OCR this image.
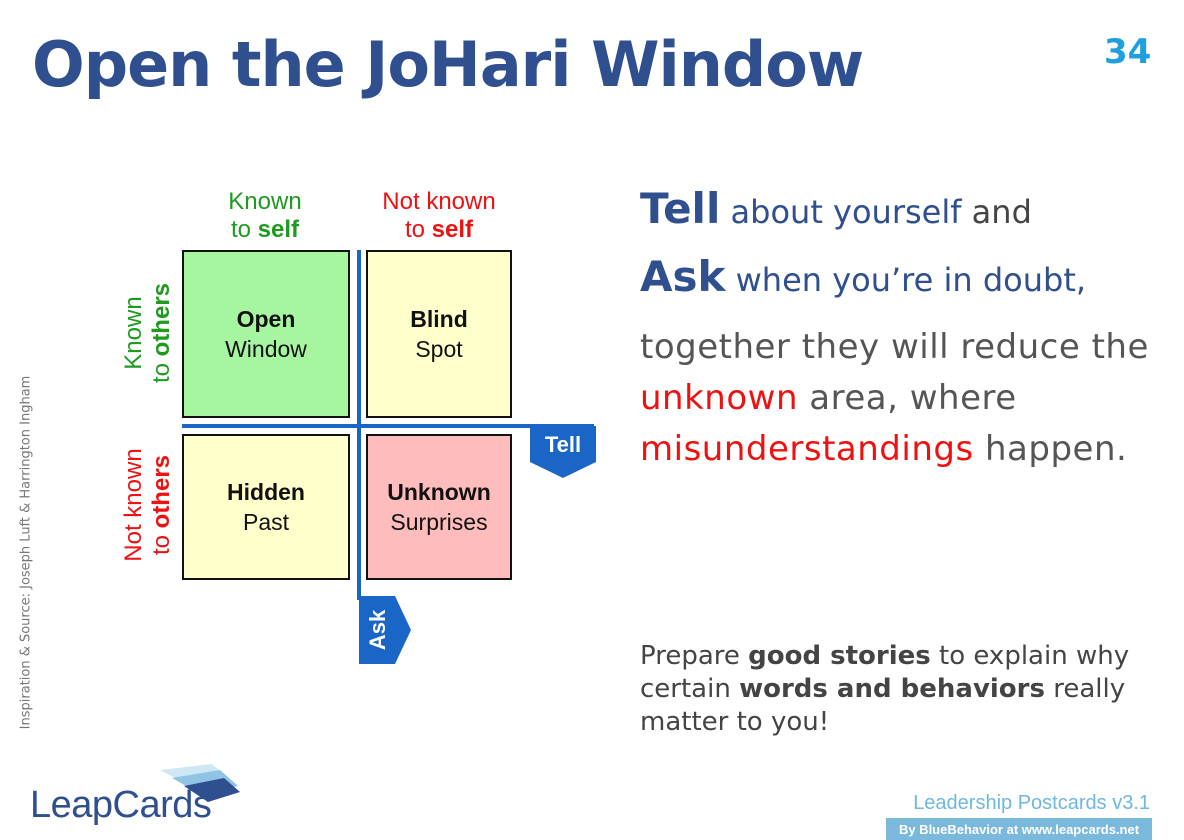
Open the JoHari Window	34
Known
to self
Not known
to self
Known to others
Not known to others
Open
Window
Blind
Spot
Hidden
Past
Unknown
Surprises
Tell
Ask
Inspiration & Source: Joseph Luft & Harrington Ingham
Tell about yourself and
Ask when you’re in doubt,
together they will reduce the unknown area, where misunderstandings happen.
Prepare good stories to explain why certain words and behaviors really matter to you!
LeapCards	Leadership Postcards v3.1
By BlueBehavior at www.leapcards.net
